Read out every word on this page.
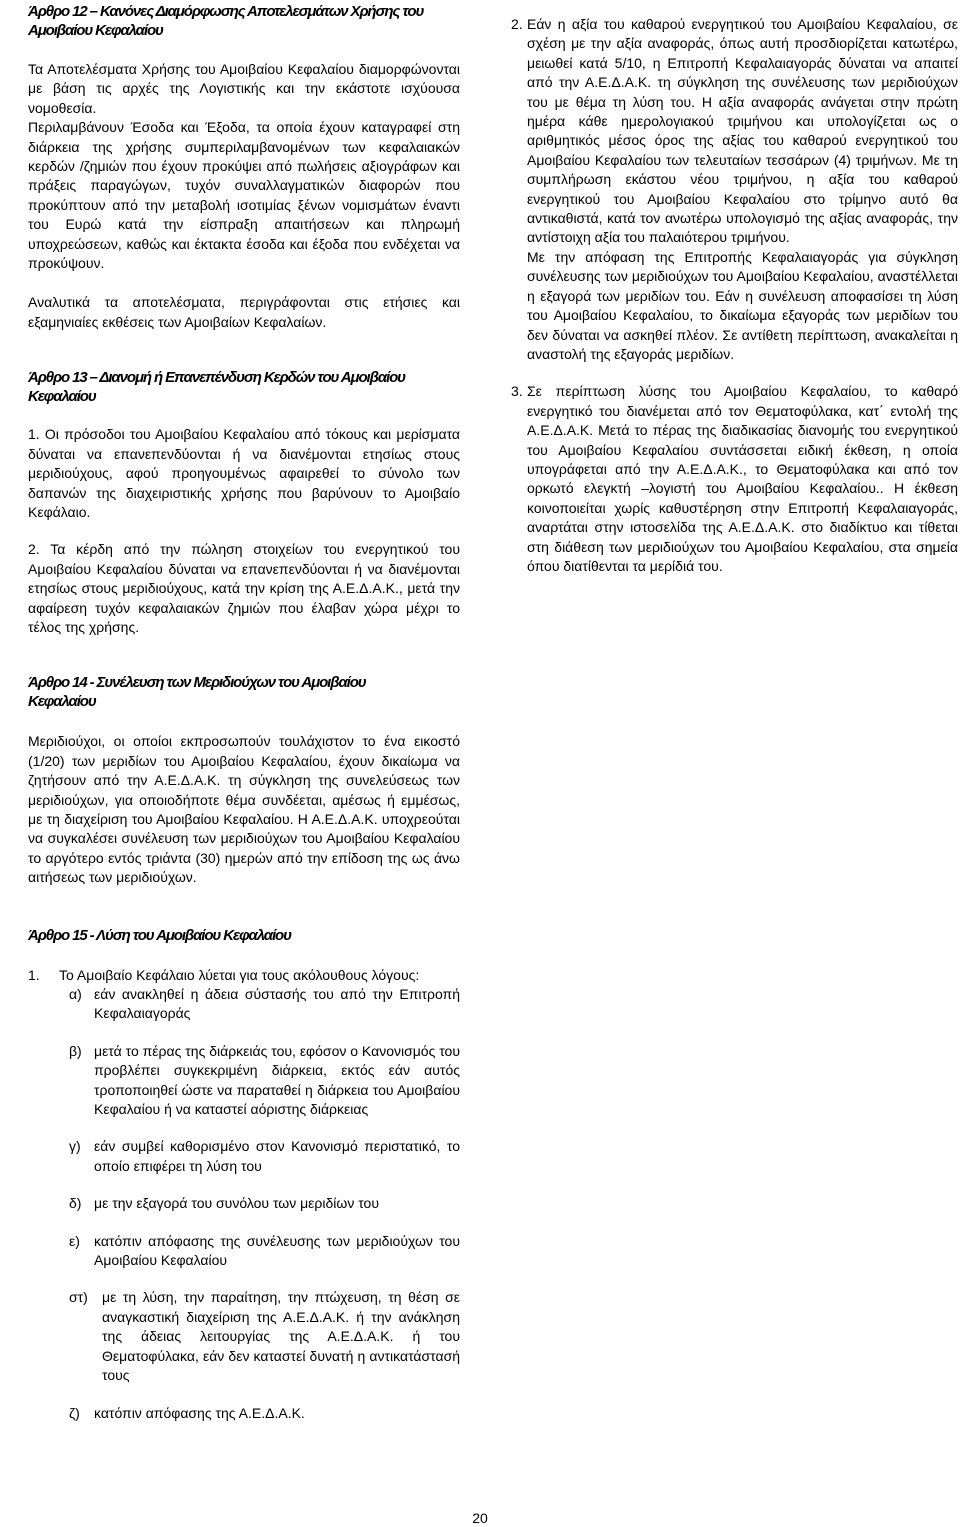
Άρθρο 12 – Κανόνες Διαμόρφωσης Αποτελεσμάτων Χρήσης του
Αμοιβαίου Κεφαλαίου

Τα Αποτελέσματα Χρήσης του Αμοιβαίου Κεφαλαίου διαμορφώνονται με βάση τις αρχές της Λογιστικής και την εκάστοτε ισχύουσα νομοθεσία.

Περιλαμβάνουν Έσοδα και Έξοδα, τα οποία έχουν καταγραφεί στη διάρκεια της χρήσης συμπεριλαμβανομένων των κεφαλαιακών κερδών /ζημιών που έχουν προκύψει από πωλήσεις αξιογράφων και πράξεις παραγώγων, τυχόν συναλλαγματικών διαφορών που προκύπτουν από την μεταβολή ισοτιμίας ξένων νομισμάτων έναντι του Ευρώ κατά την είσπραξη απαιτήσεων και πληρωμή υποχρεώσεων, καθώς και έκτακτα έσοδα και έξοδα που ενδέχεται να προκύψουν.

Αναλυτικά τα αποτελέσματα, περιγράφονται στις ετήσιες και εξαμηνιαίες εκθέσεις των Αμοιβαίων Κεφαλαίων.

Άρθρο 13 – Διανομή ή Επανεπένδυση Κερδών του Αμοιβαίου
Κεφαλαίου

1. Οι πρόσοδοι του Αμοιβαίου Κεφαλαίου από τόκους και μερίσματα δύναται να επανεπενδύονται ή να διανέμονται ετησίως στους μεριδιούχους, αφού προηγουμένως αφαιρεθεί το σύνολο των δαπανών της διαχειριστικής χρήσης που βαρύνουν το Αμοιβαίο Κεφάλαιο.

2. Τα κέρδη από την πώληση στοιχείων του ενεργητικού του Αμοιβαίου Κεφαλαίου δύναται να επανεπενδύονται ή να διανέμονται ετησίως στους μεριδιούχους, κατά την κρίση της Α.Ε.Δ.Α.Κ., μετά την αφαίρεση τυχόν κεφαλαιακών ζημιών που έλαβαν χώρα μέχρι το τέλος της χρήσης.

Άρθρο 14 - Συνέλευση των Μεριδιούχων του Αμοιβαίου
Κεφαλαίου

Μεριδιούχοι, οι οποίοι εκπροσωπούν τουλάχιστον το ένα εικοστό (1/20) των μεριδίων του Αμοιβαίου Κεφαλαίου, έχουν δικαίωμα να ζητήσουν από την Α.Ε.Δ.Α.Κ. τη σύγκληση της συνελεύσεως των μεριδιούχων, για οποιοδήποτε θέμα συνδέεται, αμέσως ή εμμέσως, με τη διαχείριση του Αμοιβαίου Κεφαλαίου. Η Α.Ε.Δ.Α.Κ. υποχρεούται να συγκαλέσει συνέλευση των μεριδιούχων του Αμοιβαίου Κεφαλαίου το αργότερο εντός τριάντα (30) ημερών από την επίδοση της ως άνω αιτήσεως των μεριδιούχων.

Άρθρο 15 - Λύση του Αμοιβαίου Κεφαλαίου
1.	Το Αμοιβαίο Κεφάλαιο λύεται για τους ακόλουθους λόγους:

α) εάν ανακληθεί η άδεια σύστασής του από την Επιτροπή Κεφαλαιαγοράς

β) μετά το πέρας της διάρκειάς του, εφόσον ο Κανονισμός του προβλέπει συγκεκριμένη διάρκεια, εκτός εάν αυτός τροποποιηθεί ώστε να παραταθεί η διάρκεια του Αμοιβαίου Κεφαλαίου ή να καταστεί αόριστης διάρκειας

γ) εάν συμβεί καθορισμένο στον Κανονισμό περιστατικό, το οποίο επιφέρει τη λύση του

δ) με την εξαγορά του συνόλου των μεριδίων του

ε)	κατόπιν απόφασης της συνέλευσης των μεριδιούχων του Αμοιβαίου Κεφαλαίου

στ)	με τη λύση, την παραίτηση, την πτώχευση, τη θέση σε αναγκαστική διαχείριση της Α.Ε.Δ.Α.Κ. ή την ανάκληση της άδειας λειτουργίας της Α.Ε.Δ.Α.Κ. ή του Θεματοφύλακα, εάν δεν καταστεί δυνατή η αντικατάστασή τους

ζ)	κατόπιν απόφασης της Α.Ε.Δ.Α.Κ.

2. Εάν η αξία του καθαρού ενεργητικού του Αμοιβαίου Κεφαλαίου, σε σχέση με την αξία αναφοράς, όπως αυτή προσδιορίζεται κατωτέρω, μειωθεί κατά 5/10, η Επιτροπή Κεφαλαιαγοράς δύναται να απαιτεί από την Α.Ε.Δ.Α.Κ. τη σύγκληση της συνέλευσης των μεριδιούχων του με θέμα τη λύση του. Η αξία αναφοράς ανάγεται στην πρώτη ημέρα κάθε ημερολογιακού τριμήνου και υπολογίζεται ως ο αριθμητικός μέσος όρος της αξίας του καθαρού ενεργητικού του Αμοιβαίου Κεφαλαίου των τελευταίων τεσσάρων (4) τριμήνων. Με τη συμπλήρωση εκάστου νέου τριμήνου, η αξία του καθαρού ενεργητικού του Αμοιβαίου Κεφαλαίου στο τρίμηνο αυτό θα αντικαθιστά, κατά τον ανωτέρω υπολογισμό της αξίας αναφοράς, την αντίστοιχη αξία του παλαιότερου τριμήνου.

Με την απόφαση της Επιτροπής Κεφαλαιαγοράς για σύγκληση συνέλευσης των μεριδιούχων του Αμοιβαίου Κεφαλαίου, αναστέλλεται η εξαγορά των μεριδίων του. Εάν η συνέλευση αποφασίσει τη λύση του Αμοιβαίου Κεφαλαίου, το δικαίωμα εξαγοράς των μεριδίων του δεν δύναται να ασκηθεί πλέον. Σε αντίθετη περίπτωση, ανακαλείται η αναστολή της εξαγοράς μεριδίων.

3. Σε περίπτωση λύσης του Αμοιβαίου Κεφαλαίου, το καθαρό ενεργητικό του διανέμεται από τον Θεματοφύλακα, κατ΄ εντολή της Α.Ε.Δ.Α.Κ. Μετά το πέρας της διαδικασίας διανομής του ενεργητικού του Αμοιβαίου Κεφαλαίου συντάσσεται ειδική έκθεση, η οποία υπογράφεται από την Α.Ε.Δ.Α.Κ., το Θεματοφύλακα και από τον ορκωτό ελεγκτή –λογιστή του Αμοιβαίου Κεφαλαίου.. Η έκθεση κοινοποιείται χωρίς καθυστέρηση στην Επιτροπή Κεφαλαιαγοράς, αναρτάται στην ιστοσελίδα της Α.Ε.Δ.Α.Κ. στο διαδίκτυο και τίθεται στη διάθεση των μεριδιούχων του Αμοιβαίου Κεφαλαίου, στα σημεία όπου διατίθενται τα μερίδιά του.

20
